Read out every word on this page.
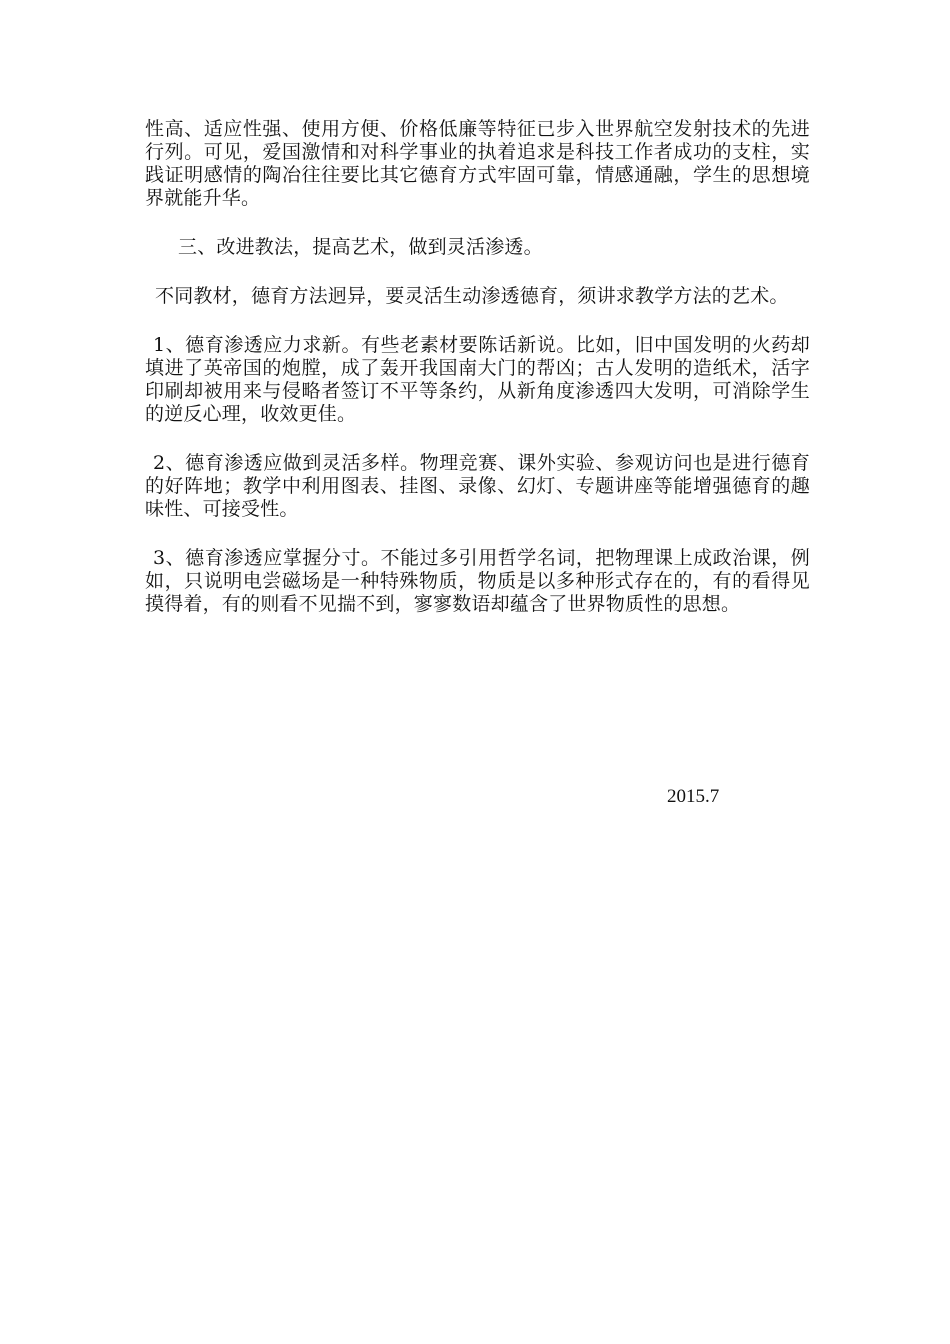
性高、适应性强、使用方便、价格低廉等特征已步入世界航空发射技术的先进行列。可见，爱国激情和对科学事业的执着追求是科技工作者成功的支柱，实践证明感情的陶冶往往要比其它德育方式牢固可靠，情感通融，学生的思想境界就能升华。

三、改进教法，提高艺术，做到灵活渗透。

不同教材，德育方法迥异，要灵活生动渗透德育，须讲求教学方法的艺术。

1、德育渗透应力求新。有些老素材要陈话新说。比如，旧中国发明的火药却填进了英帝国的炮膛，成了轰开我国南大门的帮凶；古人发明的造纸术，活字印刷却被用来与侵略者签订不平等条约，从新角度渗透四大发明，可消除学生的逆反心理，收效更佳。

2、德育渗透应做到灵活多样。物理竞赛、课外实验、参观访问也是进行德育的好阵地；教学中利用图表、挂图、录像、幻灯、专题讲座等能增强德育的趣味性、可接受性。

3、德育渗透应掌握分寸。不能过多引用哲学名词，把物理课上成政治课，例如，只说明电尝磁场是一种特殊物质，物质是以多种形式存在的，有的看得见摸得着，有的则看不见揣不到，寥寥数语却蕴含了世界物质性的思想。

2015.7
